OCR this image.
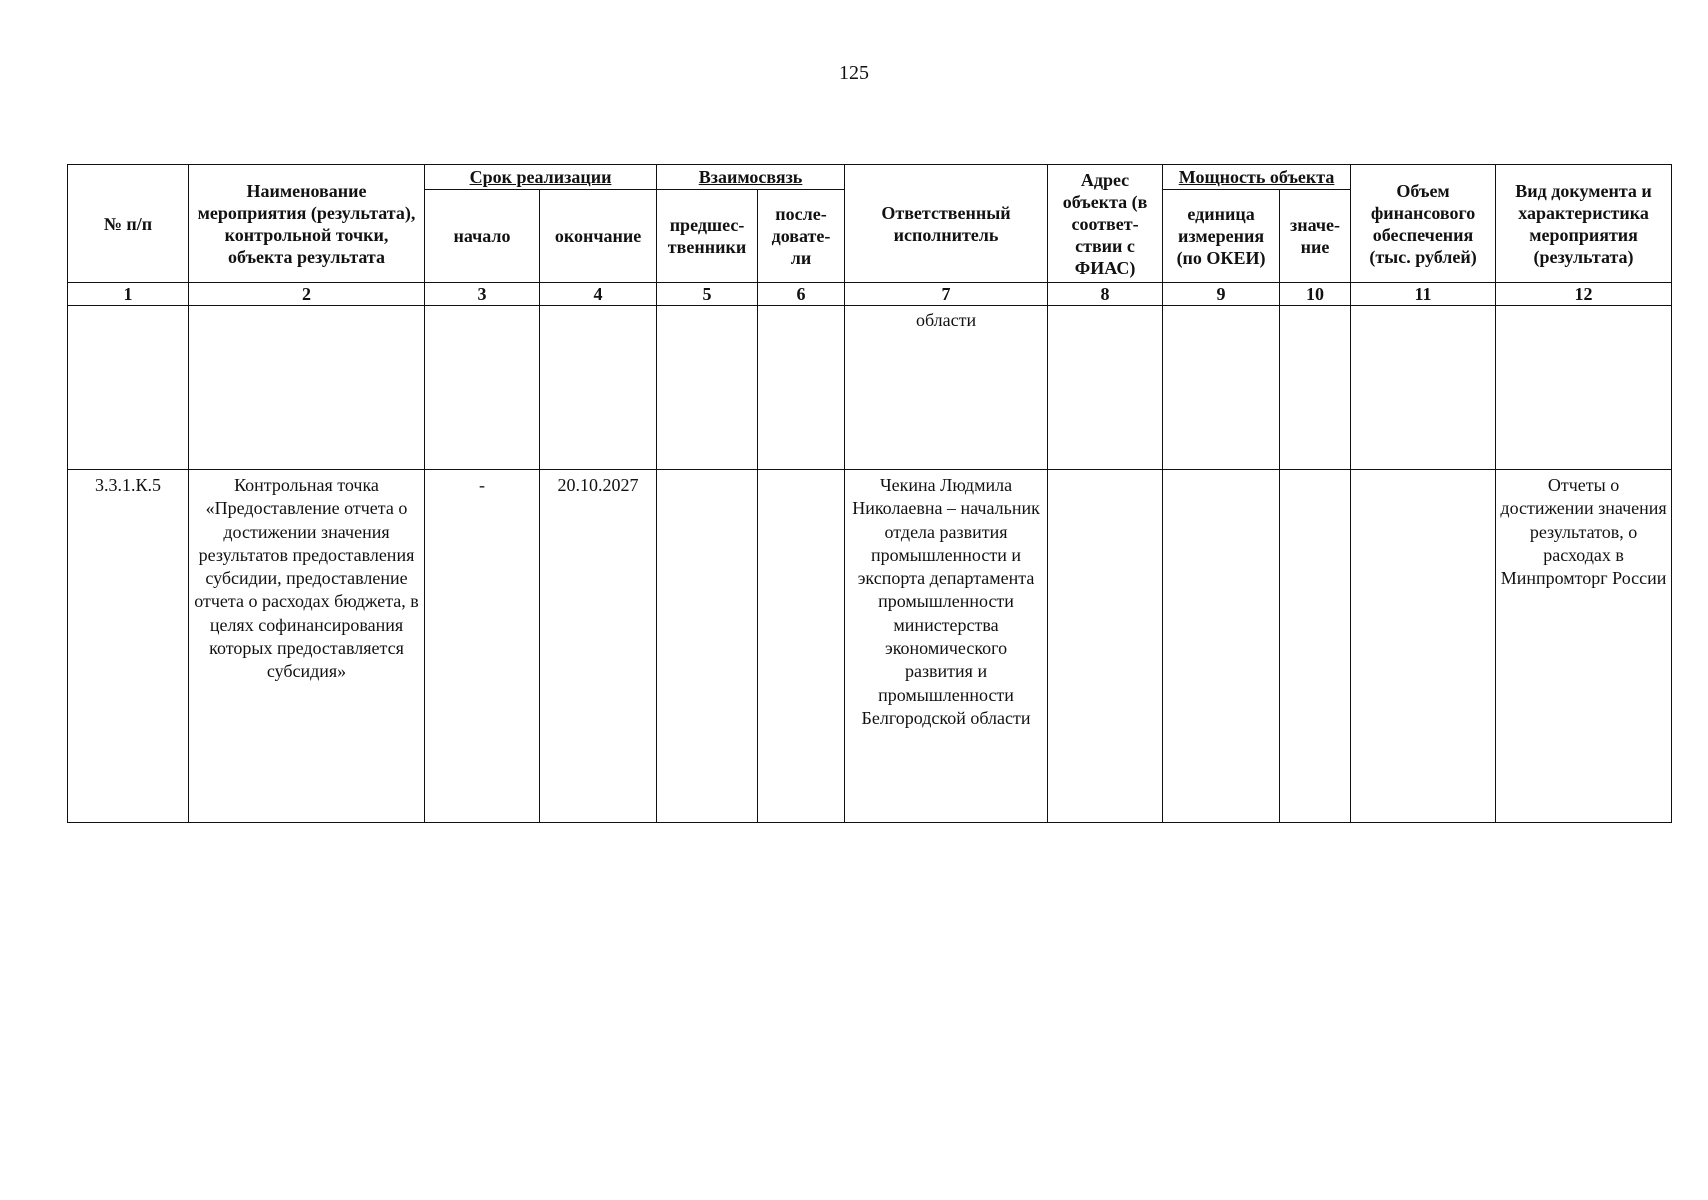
125
№ п/п	Наименование мероприятия (результата), контрольной точки, объекта результата	Срок реализации		Взаимосвязь		Ответственный исполнитель	Адрес объекта (в соответ-ствии с ФИАС)	Мощность объекта		Объем финансового обеспечения (тыс. рублей)	Вид документа и характеристика мероприятия (результата)
		начало	окончание	предшес-твенники	после-довате-ли			единица измерения (по ОКЕИ)	значе-ние		
1	2	3	4	5	6	7	8	9	10	11	12
						области					
3.3.1.К.5	Контрольная точка «Предоставление отчета о достижении значения результатов предоставления субсидии, предоставление отчета о расходах бюджета, в целях софинансирования которых предоставляется субсидия»	-	20.10.2027			Чекина Людмила Николаевна – начальник отдела развития промышленности и экспорта департамента промышленности министерства экономического развития и промышленности Белгородской области					Отчеты о достижении значения результатов, о расходах в Минпромторг России
